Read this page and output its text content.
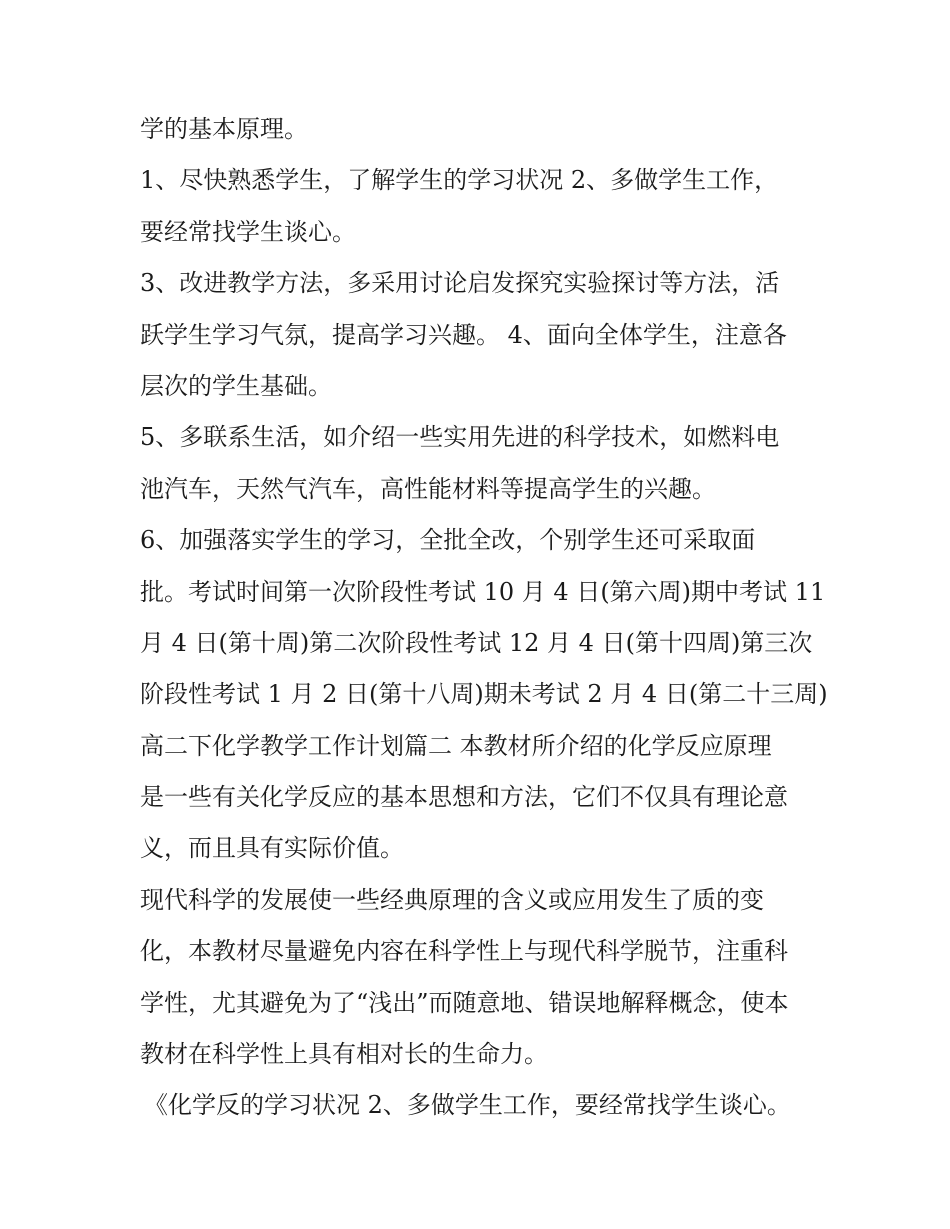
学的基本原理。
1、尽快熟悉学生，了解学生的学习状况 2、多做学生工作，
要经常找学生谈心。
3、改进教学方法，多采用讨论启发探究实验探讨等方法，活
跃学生学习气氛，提高学习兴趣。 4、面向全体学生，注意各
层次的学生基础。
5、多联系生活，如介绍一些实用先进的科学技术，如燃料电
池汽车，天然气汽车，高性能材料等提高学生的兴趣。
6、加强落实学生的学习，全批全改，个别学生还可采取面
批。考试时间第一次阶段性考试 10 月 4 日(第六周)期中考试 11
月 4 日(第十周)第二次阶段性考试 12 月 4 日(第十四周)第三次
阶段性考试 1 月 2 日(第十八周)期未考试 2 月 4 日(第二十三周)
高二下化学教学工作计划篇二 本教材所介绍的化学反应原理
是一些有关化学反应的基本思想和方法，它们不仅具有理论意
义，而且具有实际价值。
现代科学的发展使一些经典原理的含义或应用发生了质的变
化，本教材尽量避免内容在科学性上与现代科学脱节，注重科
学性，尤其避免为了“浅出”而随意地、错误地解释概念，使本
教材在科学性上具有相对长的生命力。
《化学反的学习状况 2、多做学生工作，要经常找学生谈心。
